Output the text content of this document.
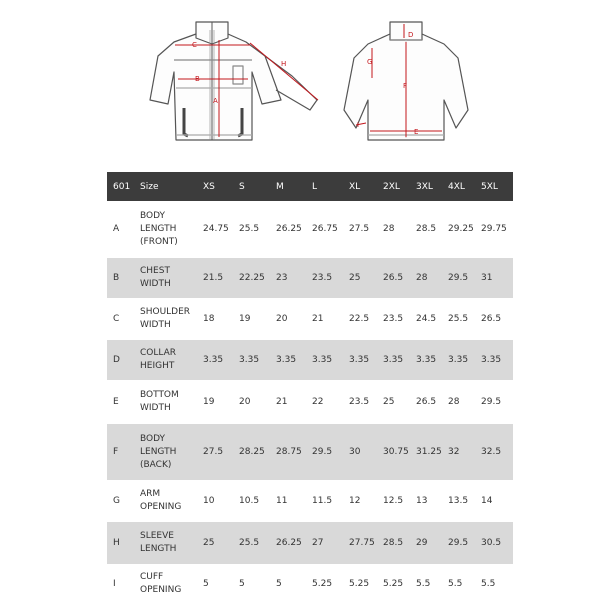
C
H
B
A
D
G
F
I
E
601	Size	XS	S	M	L	XL	2XL	3XL	4XL	5XL
A	BODY
LENGTH
(FRONT)	24.75	25.5	26.25	26.75	27.5	28	28.5	29.25	29.75
B	CHEST
WIDTH	21.5	22.25	23	23.5	25	26.5	28	29.5	31
C	SHOULDER
WIDTH	18	19	20	21	22.5	23.5	24.5	25.5	26.5
D	COLLAR
HEIGHT	3.35	3.35	3.35	3.35	3.35	3.35	3.35	3.35	3.35
E	BOTTOM
WIDTH	19	20	21	22	23.5	25	26.5	28	29.5
F	BODY
LENGTH
(BACK)	27.5	28.25	28.75	29.5	30	30.75	31.25	32	32.5
G	ARM
OPENING	10	10.5	11	11.5	12	12.5	13	13.5	14
H	SLEEVE
LENGTH	25	25.5	26.25	27	27.75	28.5	29	29.5	30.5
I	CUFF
OPENING	5	5	5	5.25	5.25	5.25	5.5	5.5	5.5
